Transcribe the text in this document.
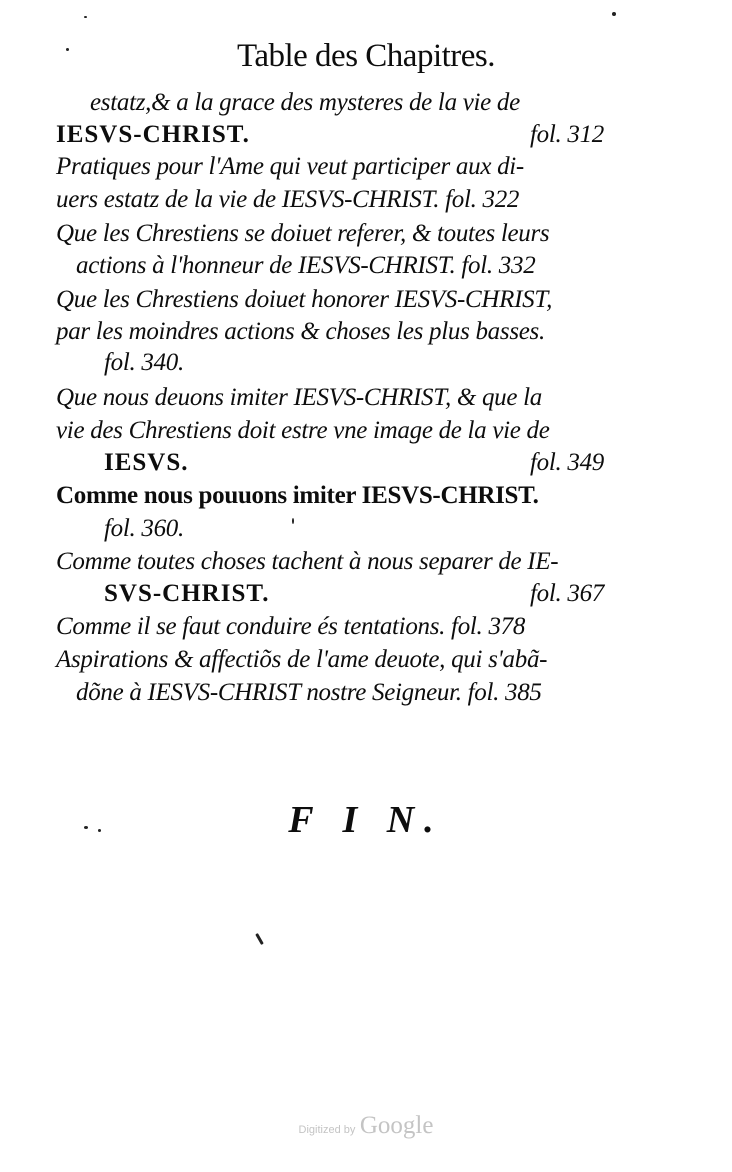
Table des Chapitres.
estatz,& a la grace des mysteres de la vie de
IESVS-CHRIST.	fol. 312
Pratiques pour l'Ame qui veut participer aux di-
uers estatz de la vie de IESVS-CHRIST. fol. 322
Que les Chrestiens se doiuet referer, & toutes leurs
actions à l'honneur de IESVS-CHRIST. fol. 332
Que les Chrestiens doiuet honorer IESVS-CHRIST,
par les moindres actions & choses les plus basses.
fol. 340.
Que nous deuons imiter IESVS-CHRIST, & que la
vie des Chrestiens doit estre vne image de la vie de
IESVS.	fol. 349
Comme nous pouuons imiter IESVS-CHRIST.
fol. 360.
Comme toutes choses tachent à nous separer de IE-
SVS-CHRIST.	fol. 367
Comme il se faut conduire és tentations. fol. 378
Aspirations & affectiõs de l'ame deuote, qui s'abã-
dõne à IESVS-CHRIST nostre Seigneur. fol. 385
F I N.
Digitized by Google
